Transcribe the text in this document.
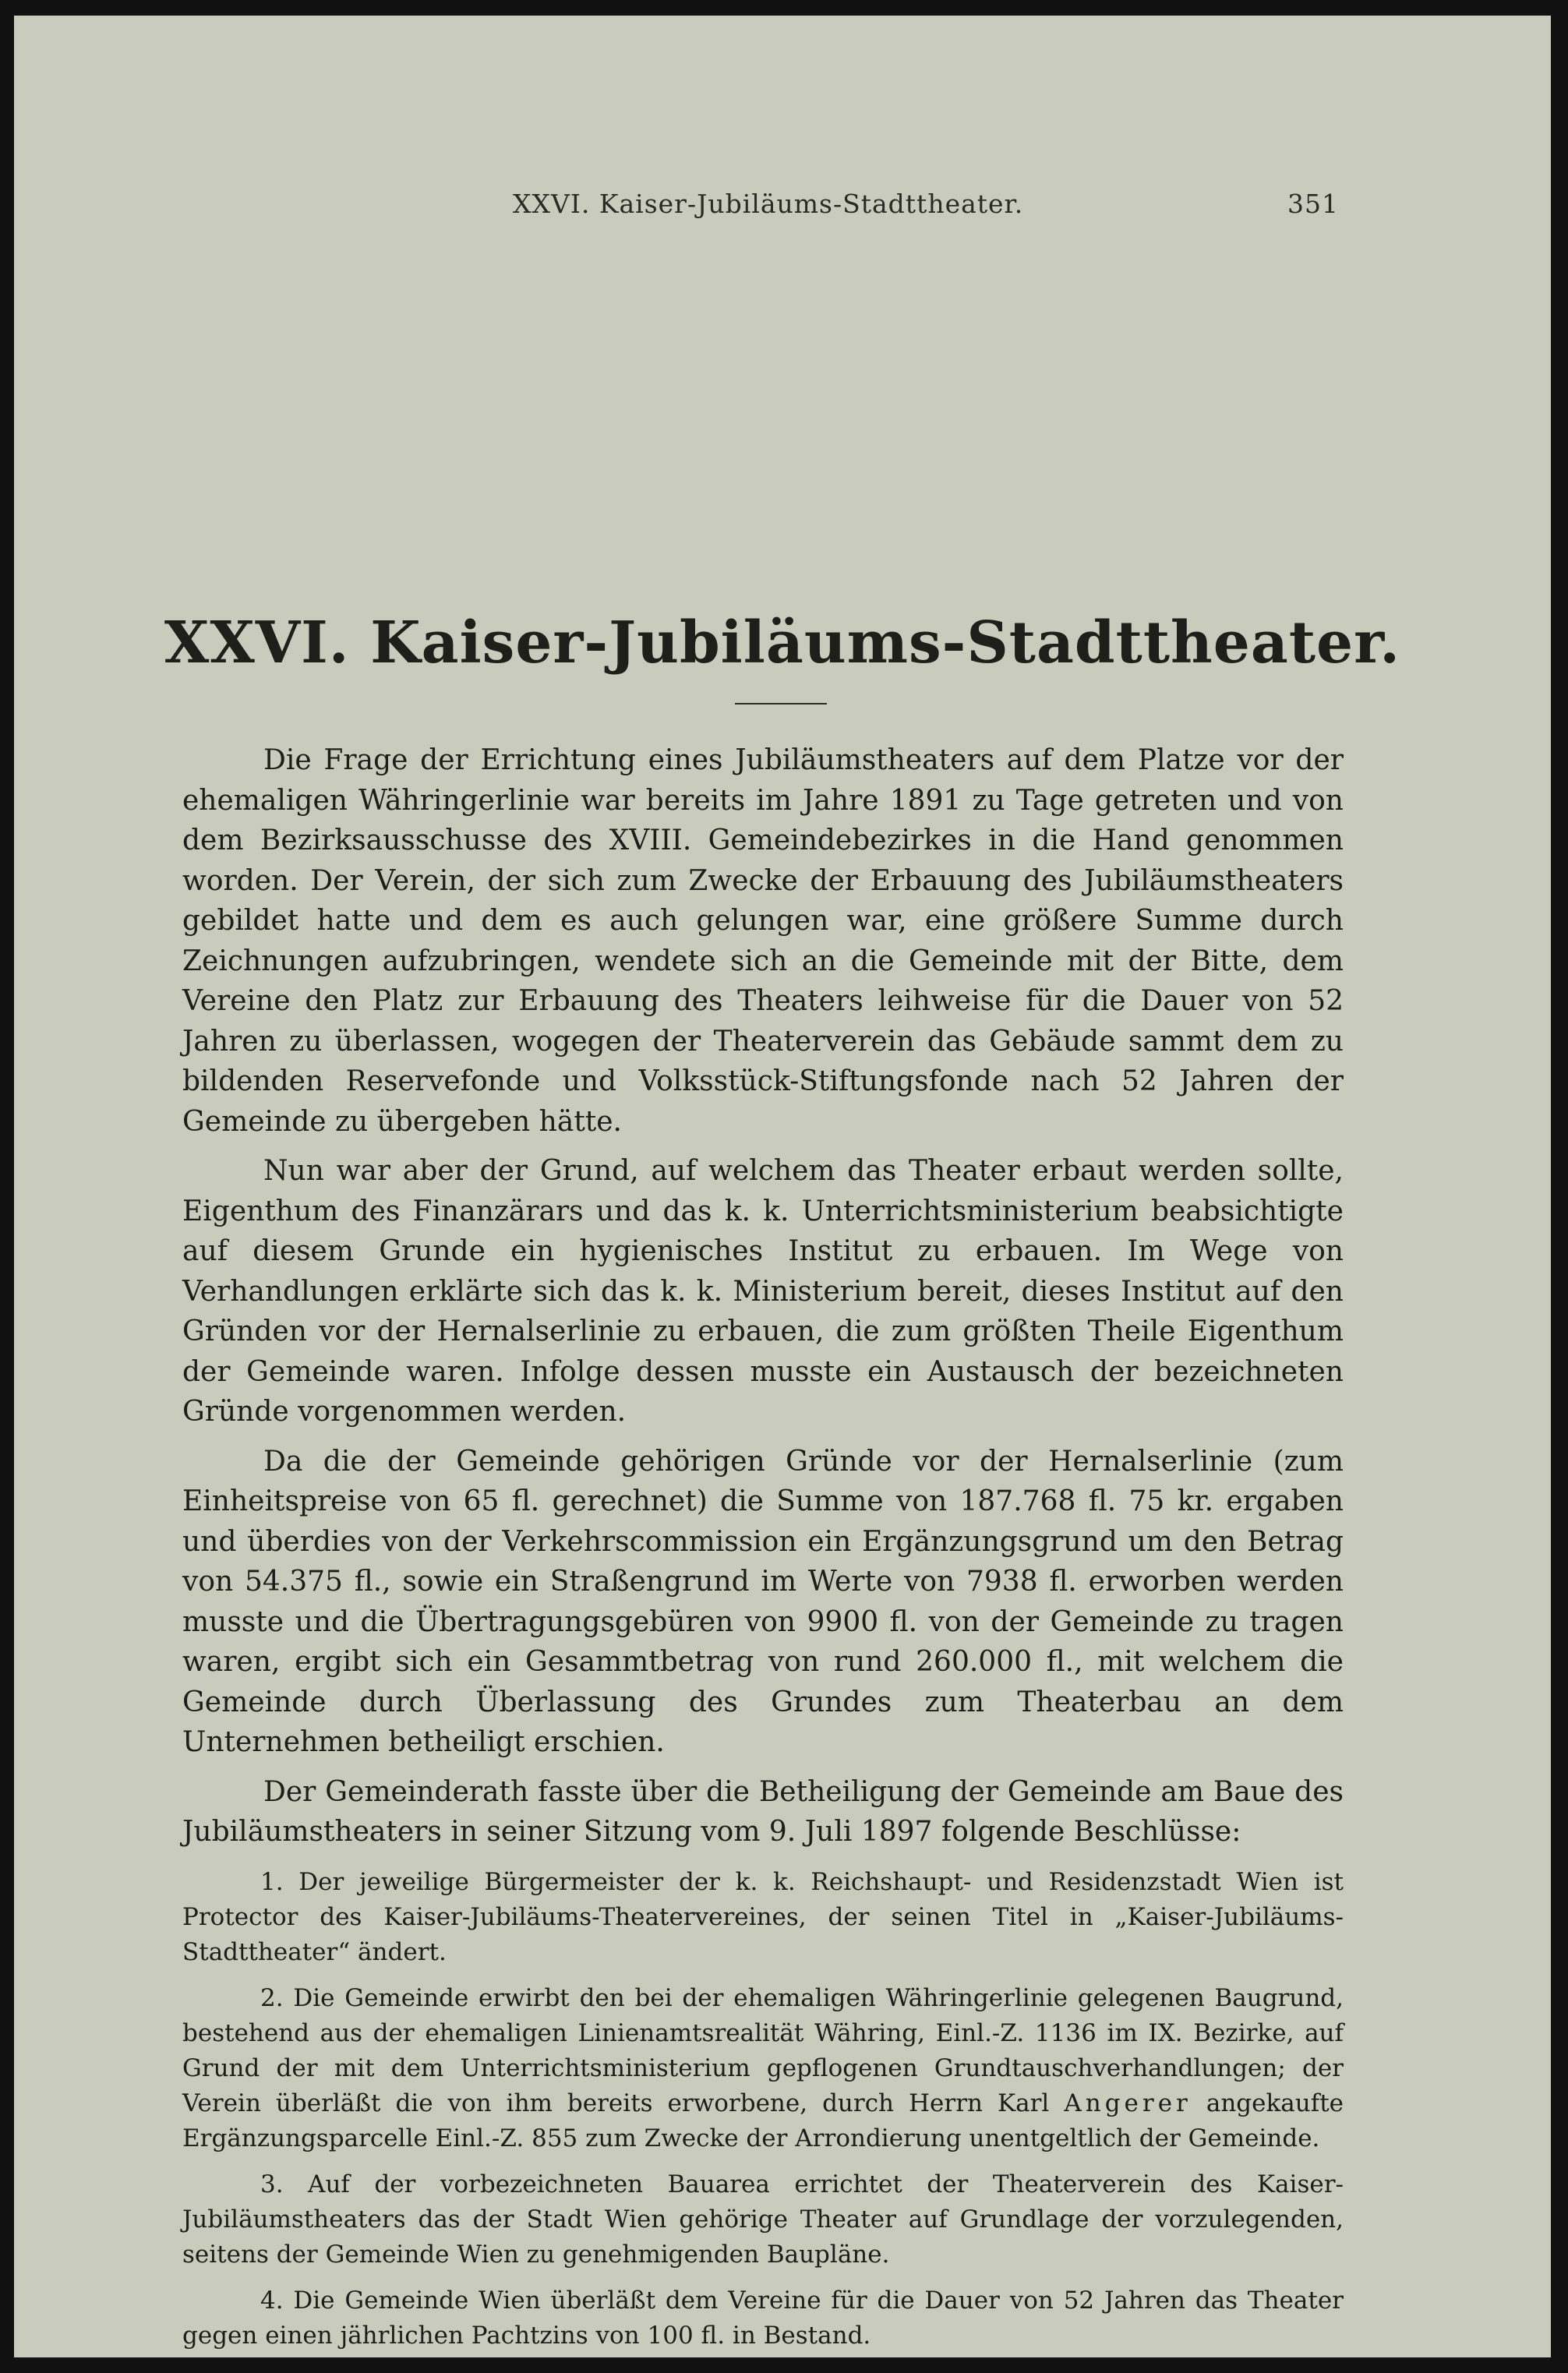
XXVI. Kaiser-Jubiläums-Stadttheater.	351
XXVI. Kaiser-Jubiläums-Stadttheater.

Die Frage der Errichtung eines Jubiläumstheaters auf dem Platze vor der ehemaligen Währingerlinie war bereits im Jahre 1891 zu Tage getreten und von dem Bezirksausschusse des XVIII. Gemeindebezirkes in die Hand genommen worden. Der Verein, der sich zum Zwecke der Erbauung des Jubiläumstheaters gebildet hatte und dem es auch gelungen war, eine größere Summe durch Zeichnungen aufzubringen, wendete sich an die Gemeinde mit der Bitte, dem Vereine den Platz zur Erbauung des Theaters leihweise für die Dauer von 52 Jahren zu überlassen, wogegen der Theaterverein das Gebäude sammt dem zu bildenden Reservefonde und Volksstück-Stiftungsfonde nach 52 Jahren der Gemeinde zu übergeben hätte.

Nun war aber der Grund, auf welchem das Theater erbaut werden sollte, Eigenthum des Finanzärars und das k. k. Unterrichtsministerium beabsichtigte auf diesem Grunde ein hygienisches Institut zu erbauen. Im Wege von Verhandlungen erklärte sich das k. k. Ministerium bereit, dieses Institut auf den Gründen vor der Hernalserlinie zu erbauen, die zum größten Theile Eigenthum der Gemeinde waren. Infolge dessen musste ein Austausch der bezeichneten Gründe vorgenommen werden.

Da die der Gemeinde gehörigen Gründe vor der Hernalserlinie (zum Einheitspreise von 65 fl. gerechnet) die Summe von 187.768 fl. 75 kr. ergaben und überdies von der Verkehrscommission ein Ergänzungsgrund um den Betrag von 54.375 fl., sowie ein Straßengrund im Werte von 7938 fl. erworben werden musste und die Übertragungsgebüren von 9900 fl. von der Gemeinde zu tragen waren, ergibt sich ein Gesammtbetrag von rund 260.000 fl., mit welchem die Gemeinde durch Überlassung des Grundes zum Theaterbau an dem Unternehmen betheiligt erschien.

Der Gemeinderath fasste über die Betheiligung der Gemeinde am Baue des Jubiläumstheaters in seiner Sitzung vom 9. Juli 1897 folgende Beschlüsse:

1. Der jeweilige Bürgermeister der k. k. Reichshaupt- und Residenzstadt Wien ist Protector des Kaiser-Jubiläums-Theatervereines, der seinen Titel in „Kaiser-Jubiläums-Stadttheater“ ändert.

2. Die Gemeinde erwirbt den bei der ehemaligen Währingerlinie gelegenen Baugrund, bestehend aus der ehemaligen Linienamtsrealität Währing, Einl.-Z. 1136 im IX. Bezirke, auf Grund der mit dem Unterrichtsministerium gepflogenen Grundtauschverhandlungen; der Verein überläßt die von ihm bereits erworbene, durch Herrn Karl Angerer angekaufte Ergänzungsparcelle Einl.-Z. 855 zum Zwecke der Arrondierung unentgeltlich der Gemeinde.

3. Auf der vorbezeichneten Bauarea errichtet der Theaterverein des Kaiser-Jubiläumstheaters das der Stadt Wien gehörige Theater auf Grundlage der vorzulegenden, seitens der Gemeinde Wien zu genehmigenden Baupläne.

4. Die Gemeinde Wien überläßt dem Vereine für die Dauer von 52 Jahren das Theater gegen einen jährlichen Pachtzins von 100 fl. in Bestand.
